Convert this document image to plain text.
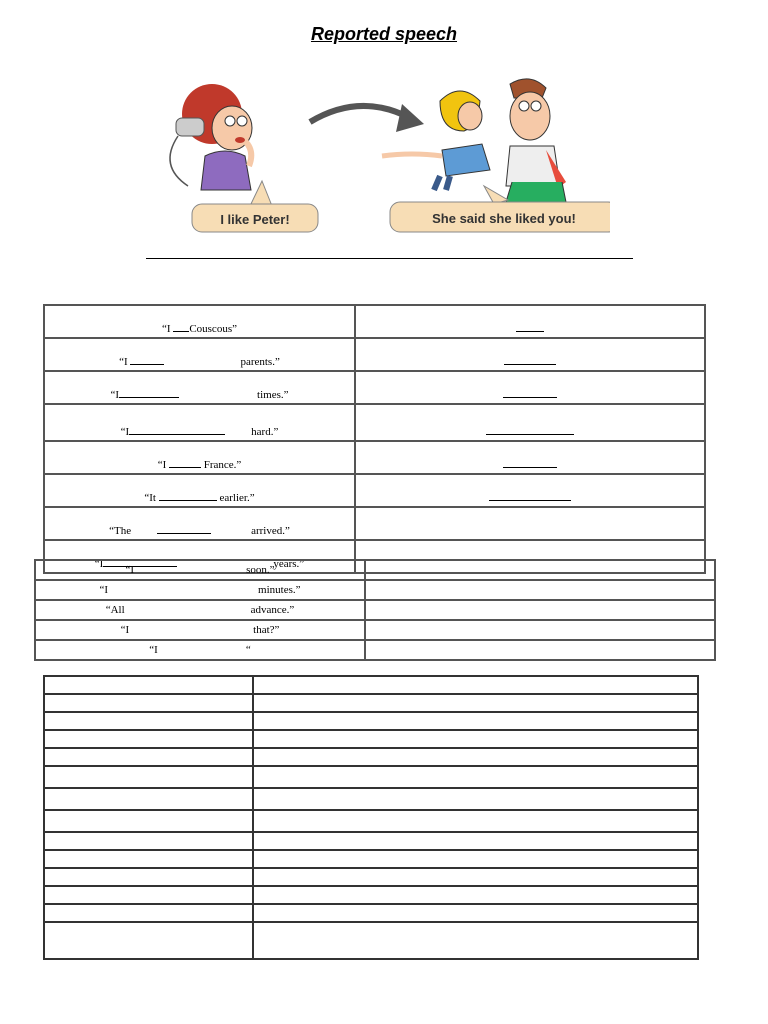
Reported speech
I like Peter!	She said she liked you!
“I Couscous”	
“I parents.”	
“I times.”	
“I hard.”	
“I France.”	
“It earlier.”	
“The arrived.”	
“I years.”	
“I soon.”	
“I minutes.”	
“All advance.”	
“I that?”	
“I “	
